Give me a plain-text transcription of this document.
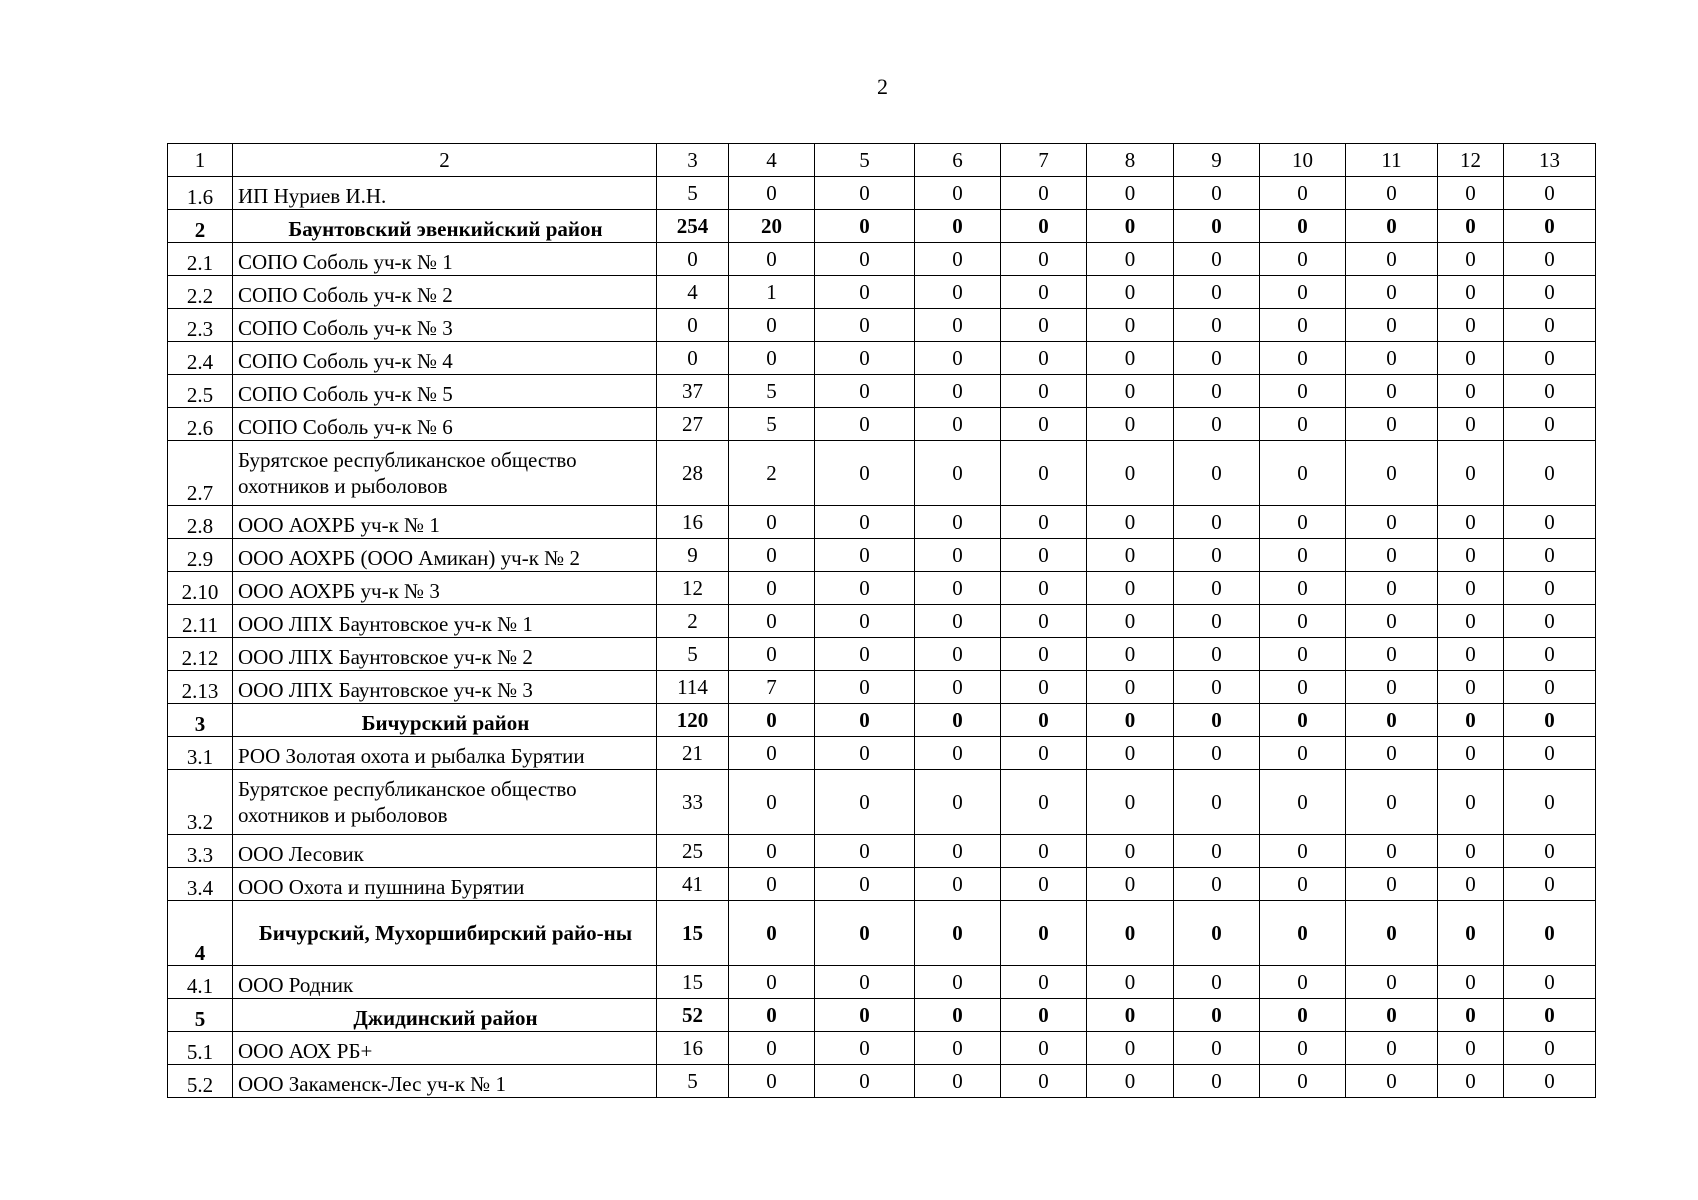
2
1	2	3	4	5	6	7	8	9	10	11	12	13
1.6	ИП Нуриев И.Н.	5	0	0	0	0	0	0	0	0	0	0
2	Баунтовский эвенкийский район	254	20	0	0	0	0	0	0	0	0	0
2.1	СОПО Соболь уч-к № 1	0	0	0	0	0	0	0	0	0	0	0
2.2	СОПО Соболь уч-к № 2	4	1	0	0	0	0	0	0	0	0	0
2.3	СОПО Соболь уч-к № 3	0	0	0	0	0	0	0	0	0	0	0
2.4	СОПО Соболь уч-к № 4	0	0	0	0	0	0	0	0	0	0	0
2.5	СОПО Соболь уч-к № 5	37	5	0	0	0	0	0	0	0	0	0
2.6	СОПО Соболь уч-к № 6	27	5	0	0	0	0	0	0	0	0	0
2.7	Бурятское республиканское общество охотников и рыболовов	28	2	0	0	0	0	0	0	0	0	0
2.8	ООО АОХРБ уч-к № 1	16	0	0	0	0	0	0	0	0	0	0
2.9	ООО АОХРБ (ООО Амикан) уч-к № 2	9	0	0	0	0	0	0	0	0	0	0
2.10	ООО АОХРБ уч-к № 3	12	0	0	0	0	0	0	0	0	0	0
2.11	ООО ЛПХ Баунтовское уч-к № 1	2	0	0	0	0	0	0	0	0	0	0
2.12	ООО ЛПХ Баунтовское уч-к № 2	5	0	0	0	0	0	0	0	0	0	0
2.13	ООО ЛПХ Баунтовское уч-к № 3	114	7	0	0	0	0	0	0	0	0	0
3	Бичурский район	120	0	0	0	0	0	0	0	0	0	0
3.1	РОО Золотая охота и рыбалка Бурятии	21	0	0	0	0	0	0	0	0	0	0
3.2	Бурятское республиканское общество охотников и рыболовов	33	0	0	0	0	0	0	0	0	0	0
3.3	ООО Лесовик	25	0	0	0	0	0	0	0	0	0	0
3.4	ООО Охота и пушнина Бурятии	41	0	0	0	0	0	0	0	0	0	0
4	Бичурский, Мухоршибирский райо-ны	15	0	0	0	0	0	0	0	0	0	0
4.1	ООО Родник	15	0	0	0	0	0	0	0	0	0	0
5	Джидинский район	52	0	0	0	0	0	0	0	0	0	0
5.1	ООО АОХ РБ+	16	0	0	0	0	0	0	0	0	0	0
5.2	ООО Закаменск-Лес уч-к № 1	5	0	0	0	0	0	0	0	0	0	0
